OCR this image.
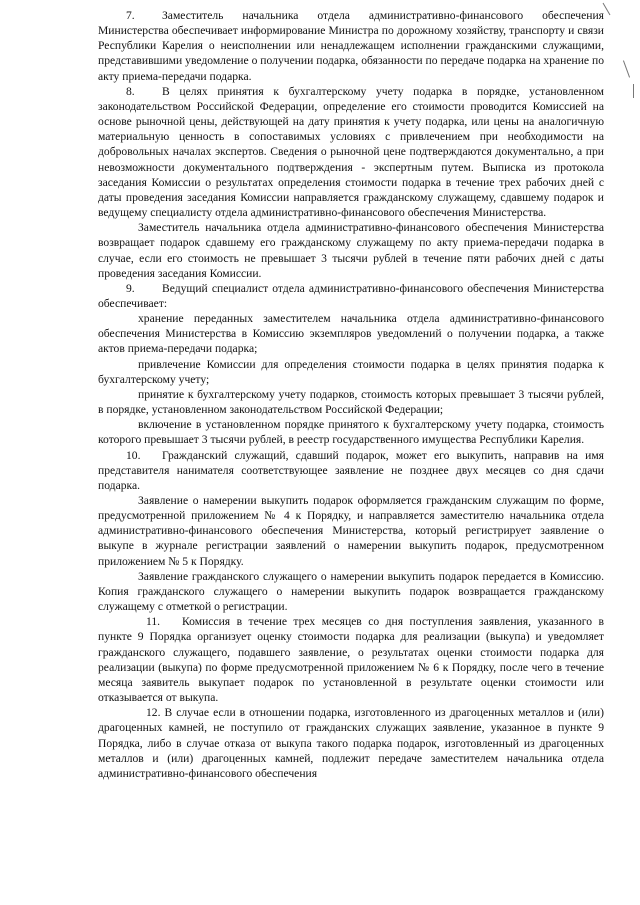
7. Заместитель начальника отдела административно-финансового обеспечения Министерства обеспечивает информирование Министра по дорожному хозяйству, транспорту и связи Республики Карелия о неисполнении или ненадлежащем исполнении гражданскими служащими, представившими уведомление о получении подарка, обязанности по передаче подарка на хранение по акту приема-передачи подарка.

8. В целях принятия к бухгалтерскому учету подарка в порядке, установленном законодательством Российской Федерации, определение его стоимости проводится Комиссией на основе рыночной цены, действующей на дату принятия к учету подарка, или цены на аналогичную материальную ценность в сопоставимых условиях с привлечением при необходимости на добровольных началах экспертов. Сведения о рыночной цене подтверждаются документально, а при невозможности документального подтверждения - экспертным путем. Выписка из протокола заседания Комиссии о результатах определения стоимости подарка в течение трех рабочих дней с даты проведения заседания Комиссии направляется гражданскому служащему, сдавшему подарок и ведущему специалисту отдела административно-финансового обеспечения Министерства.

Заместитель начальника отдела административно-финансового обеспечения Министерства возвращает подарок сдавшему его гражданскому служащему по акту приема-передачи подарка в случае, если его стоимость не превышает 3 тысячи рублей в течение пяти рабочих дней с даты проведения заседания Комиссии.

9. Ведущий специалист отдела административно-финансового обеспечения Министерства обеспечивает:

хранение переданных заместителем начальника отдела административно-финансового обеспечения Министерства в Комиссию экземпляров уведомлений о получении подарка, а также актов приема-передачи подарка;

привлечение Комиссии для определения стоимости подарка в целях принятия подарка к бухгалтерскому учету;

принятие к бухгалтерскому учету подарков, стоимость которых превышает 3 тысячи рублей, в порядке, установленном законодательством Российской Федерации;

включение в установленном порядке принятого к бухгалтерскому учету подарка, стоимость которого превышает 3 тысячи рублей, в реестр государственного имущества Республики Карелия.

10. Гражданский служащий, сдавший подарок, может его выкупить, направив на имя представителя нанимателя соответствующее заявление не позднее двух месяцев со дня сдачи подарка.

Заявление о намерении выкупить подарок оформляется гражданским служащим по форме, предусмотренной приложением № 4 к Порядку, и направляется заместителю начальника отдела административно-финансового обеспечения Министерства, который регистрирует заявление о выкупе в журнале регистрации заявлений о намерении выкупить подарок, предусмотренном приложением № 5 к Порядку.

Заявление гражданского служащего о намерении выкупить подарок передается в Комиссию. Копия гражданского служащего о намерении выкупить подарок возвращается гражданскому служащему с отметкой о регистрации.

11. Комиссия в течение трех месяцев со дня поступления заявления, указанного в пункте 9 Порядка организует оценку стоимости подарка для реализации (выкупа) и уведомляет гражданского служащего, подавшего заявление, о результатах оценки стоимости подарка для реализации (выкупа) по форме предусмотренной приложением № 6 к Порядку, после чего в течение месяца заявитель выкупает подарок по установленной в результате оценки стоимости или отказывается от выкупа.

12. В случае если в отношении подарка, изготовленного из драгоценных металлов и (или) драгоценных камней, не поступило от гражданских служащих заявление, указанное в пункте 9 Порядка, либо в случае отказа от выкупа такого подарка подарок, изготовленный из драгоценных металлов и (или) драгоценных камней, подлежит передаче заместителем начальника отдела административно-финансового обеспечения
